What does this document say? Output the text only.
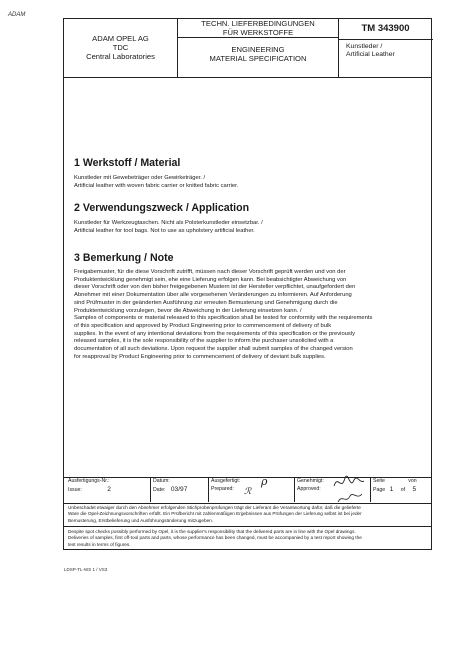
ADAM
ADAM OPEL AG
TDC
Central Laboratories
TECHN. LIEFERBEDINGUNGEN
FÜR WERKSTOFFE
ENGINEERING
MATERIAL SPECIFICATION
TM 343900
Kunstleder /
Artificial Leather
1 Werkstoff / Material

Kunstleder mit Gewebeträger oder Gewirketräger. /

Artificial leather with woven fabric carrier or knitted fabric carrier.

2 Verwendungszweck / Application

Kunstleder für Werkzeugtaschen. Nicht als Polsterkunstleder einsetzbar. /

Artificial leather for tool bags. Not to use as upholstery artificial leather.

3 Bemerkung / Note

Freigabemuster, für die diese Vorschrift zutrifft, müssen nach dieser Vorschrift geprüft werden und von der

Produktentwicklung genehmigt sein, ehe eine Lieferung erfolgen kann. Bei beabsichtigter Abweichung von

dieser Vorschrift oder von den bisher freigegebenen Mustern ist der Hersteller verpflichtet, unaufgefordert den

Abnehmer mit einer Dokumentation über alle vorgesehenen Veränderungen zu informieren. Auf Anforderung

sind Prüfmuster in der geänderten Ausführung zur erneuten Bemusterung und Genehmigung durch die

Produktentwicklung vorzulegen, bevor die Abweichung in der Lieferung einsetzen kann. /

Samples of components or material released to this specification shall be tested for conformity with the requirements

of this specification and approved by Product Engineering prior to commencement of delivery of bulk

supplies. In the event of any intentional deviations from the requirements of this specification or the previously

released samples, it is the sole responsibility of the supplier to inform the purchaser unsolicited with a

documentation of all such deviations. Upon request the supplier shall submit samples of the changed version

for reapproval by Product Engineering prior to commencement of delivery of deviant bulk supplies.

Ausfertigungs-Nr.:
Issue:	2
Datum:
Date: 03/97
Ausgefertigt:
Prepared:
ρ
ℛ
Genehmigt:
Approved:
Seite	von
Page 1 of 5
Unbeschadet etwaiger durch den Abnehmer erfolgenden Stichprobenprüfungen trägt der Lieferant die Verantwortung dafür, daß die gelieferte
Ware die Opel-Zeichnungsvorschriften erfüllt. Ein Prüfbericht mit zahlenmäßigen Ergebnissen aus Prüfungen der Lieferung selbst ist bei jeder
Bemusterung, Erstbelieferung und Ausführungsänderung mitzugeben.
Despite spot checks possibly performed by Opel, it is the supplier's responsibility that the delivered parts are in line with the Opel drawings.
Deliveries of samples, first off-tool parts and parts, whose performance has been changed, must be accompanied by a test report showing the
test results in terms of figures.
LDSP-TL-WS 1 / VS3
